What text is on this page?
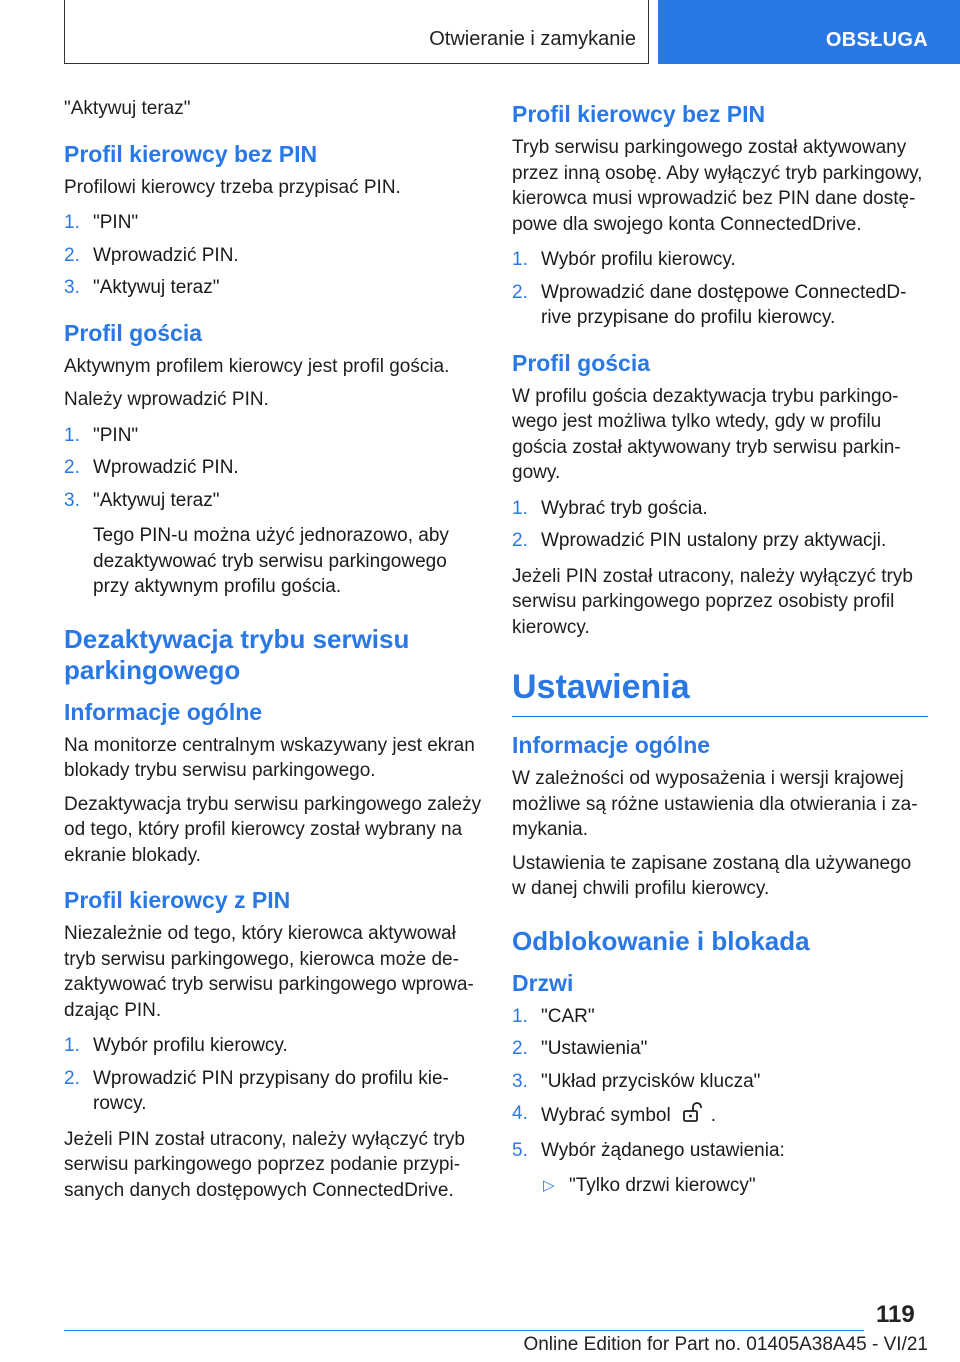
Otwieranie i zamykanie	OBSŁUGA
"Aktywuj teraz"
Profil kierowcy bez PIN
Profilowi kierowcy trzeba przypisać PIN.
1. "PIN"
2. Wprowadzić PIN.
3. "Aktywuj teraz"
Profil gościa
Aktywnym profilem kierowcy jest profil gościa.
Należy wprowadzić PIN.
1. "PIN"
2. Wprowadzić PIN.
3. "Aktywuj teraz"
Tego PIN-u można użyć jednorazowo, aby dezaktywować tryb serwisu parkingowego przy aktywnym profilu gościa.
Dezaktywacja trybu serwisu parkingowego
Informacje ogólne
Na monitorze centralnym wskazywany jest ekran blokady trybu serwisu parkingowego.
Dezaktywacja trybu serwisu parkingowego zależy od tego, który profil kierowcy został wybrany na ekranie blokady.
Profil kierowcy z PIN
Niezależnie od tego, który kierowca aktywował tryb serwisu parkingowego, kierowca może de-zaktywować tryb serwisu parkingowego wprowa-dzając PIN.
1. Wybór profilu kierowcy.
2. Wprowadzić PIN przypisany do profilu kie-rowcy.
Jeżeli PIN został utracony, należy wyłączyć tryb serwisu parkingowego poprzez podanie przypi-sanych danych dostępowych ConnectedDrive.
Profil kierowcy bez PIN
Tryb serwisu parkingowego został aktywowany przez inną osobę. Aby wyłączyć tryb parkingowy, kierowca musi wprowadzić bez PIN dane dostę-powe dla swojego konta ConnectedDrive.
1. Wybór profilu kierowcy.
2. Wprowadzić dane dostępowe ConnectedD-rive przypisane do profilu kierowcy.
Profil gościa
W profilu gościa dezaktywacja trybu parkingo-wego jest możliwa tylko wtedy, gdy w profilu gościa został aktywowany tryb serwisu parkin-gowy.
1. Wybrać tryb gościa.
2. Wprowadzić PIN ustalony przy aktywacji.
Jeżeli PIN został utracony, należy wyłączyć tryb serwisu parkingowego poprzez osobisty profil kierowcy.
Ustawienia
Informacje ogólne
W zależności od wyposażenia i wersji krajowej możliwe są różne ustawienia dla otwierania i za-mykania.
Ustawienia te zapisane zostaną dla używanego w danej chwili profilu kierowcy.
Odblokowanie i blokada
Drzwi
1. "CAR"
2. "Ustawienia"
3. "Układ przycisków klucza"
4. Wybrać symbol .
5. Wybór żądanego ustawienia:
▷ "Tylko drzwi kierowcy"
119
Online Edition for Part no. 01405A38A45 - VI/21
